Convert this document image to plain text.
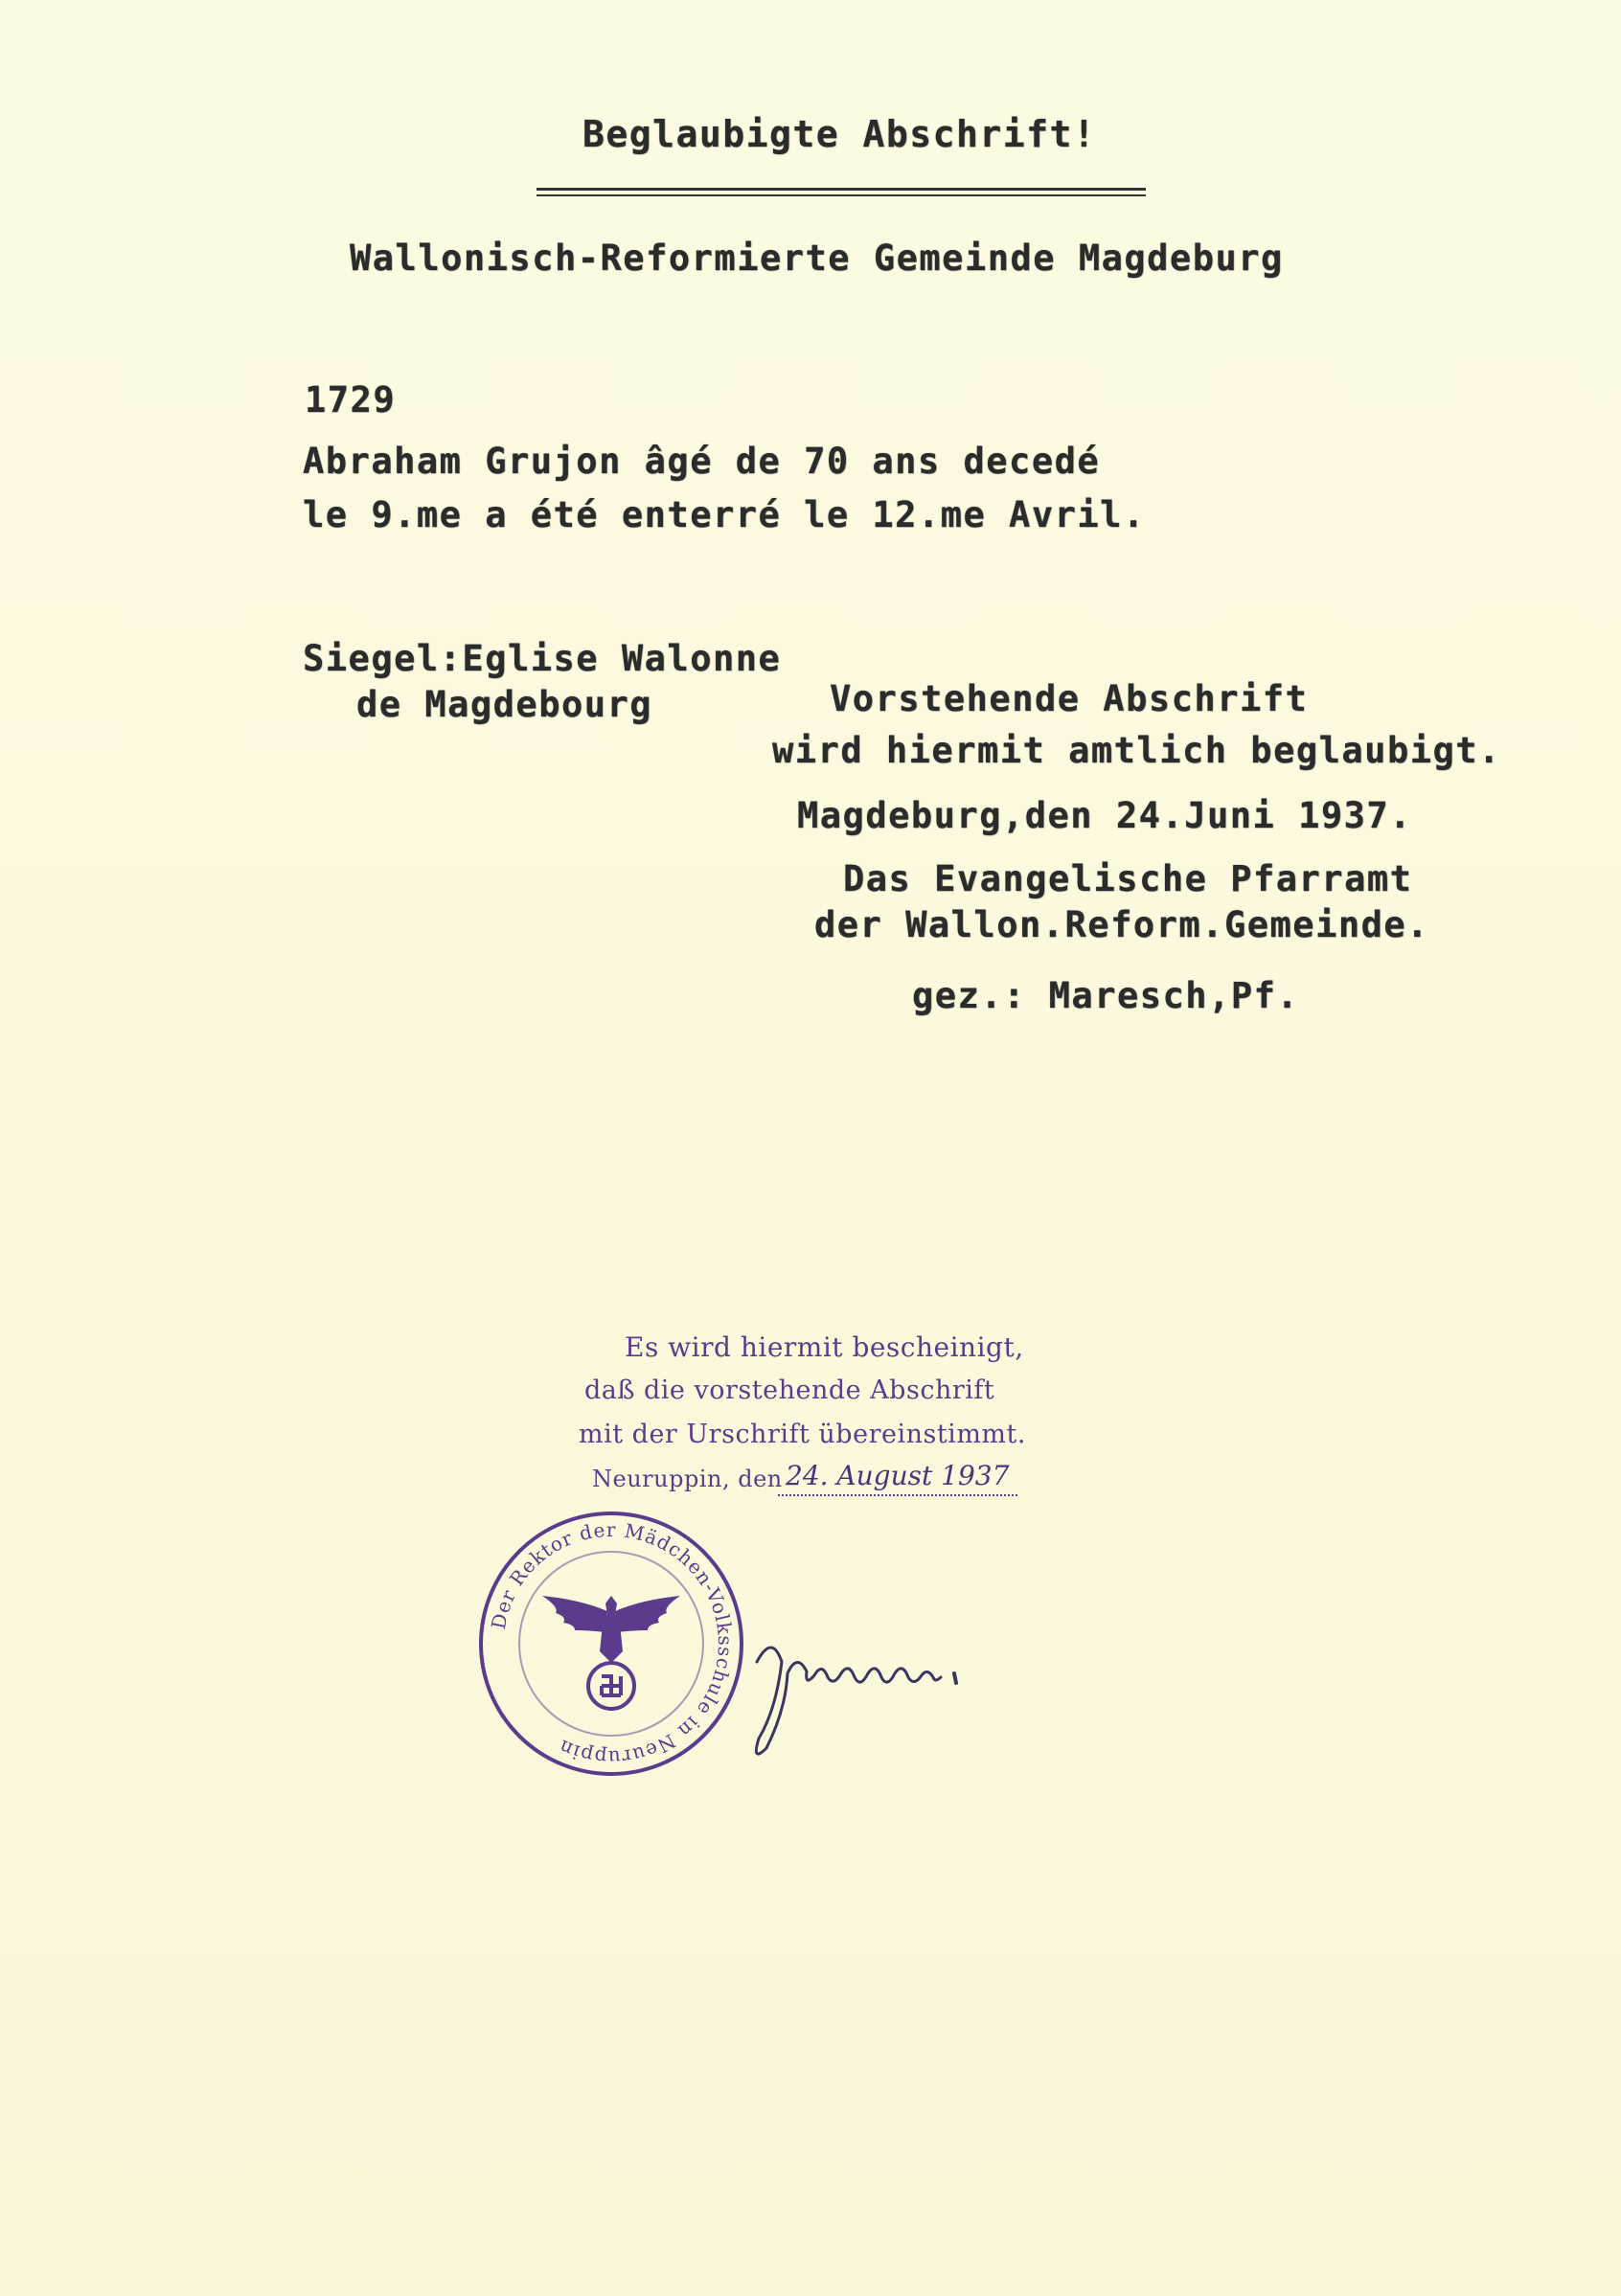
Beglaubigte Abschrift!
Wallonisch-Reformierte Gemeinde Magdeburg
1729
Abraham Grujon âgé de 70 ans decedé
le 9.me a été enterré le 12.me Avril.
Siegel:Eglise Walonne
de Magdebourg	Vorstehende Abschrift
wird hiermit amtlich beglaubigt.
Magdeburg,den 24.Juni 1937.
Das Evangelische Pfarramt
der Wallon.Reform.Gemeinde.
gez.: Maresch,Pf.
Es wird hiermit bescheinigt,
daß die vorstehende Abschrift
mit der Urschrift übereinstimmt.
Neuruppin, den 24. August 1937
Der Rektor der Mädchen-Volksschule in Neuruppin
